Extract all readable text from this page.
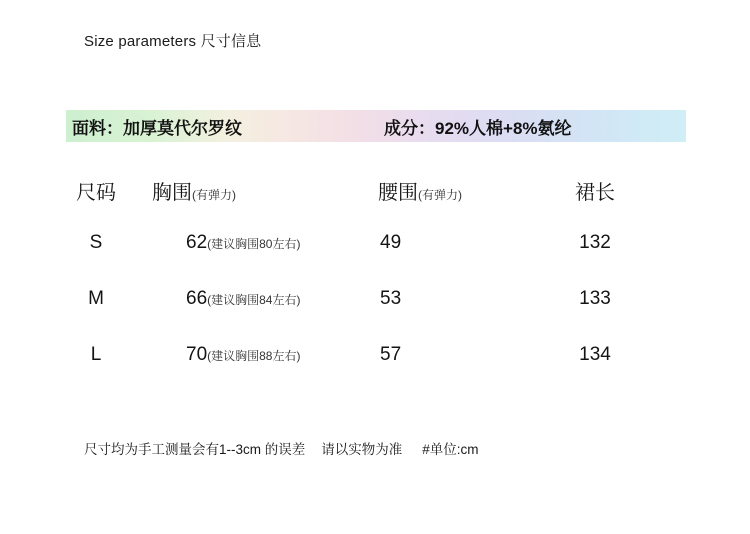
Size parameters 尺寸信息
面料：加厚莫代尔罗纹	成分：92%人棉+8%氨纶
尺码	胸围(有弹力)	腰围(有弹力)	裙长
S	62(建议胸围80左右)	49	132
M	66(建议胸围84左右)	53	133
L	70(建议胸围88左右)	57	134
尺寸均为手工测量会有1--3cm 的误差 请以实物为准 #单位:cm
